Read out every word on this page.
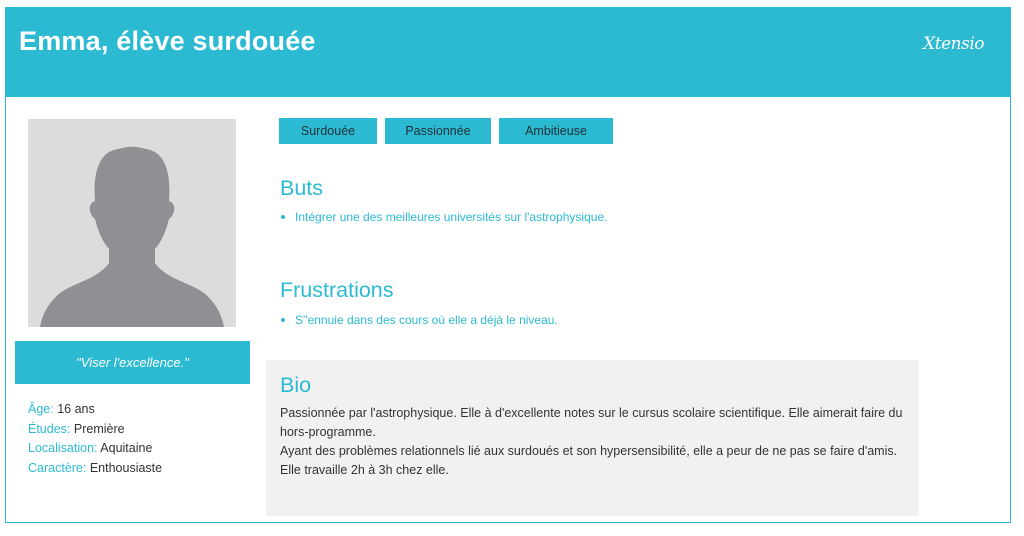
Emma, élève surdouée	Xtensio
"Viser l'excellence."
Âge: 16 ans
Études: Première
Localisation: Aquitaine
Caractère: Enthousiaste
Surdouée	Passionnée	Ambitieuse
Buts
Intégrer une des meilleures universités sur l'astrophysique.
Frustrations
S''ennuie dans des cours où elle a déjà le niveau.
Bio

Passionnée par l'astrophysique. Elle à d'excellente notes sur le cursus scolaire scientifique. Elle aimerait faire du hors-programme.

Ayant des problèmes relationnels lié aux surdoués et son hypersensibilité, elle a peur de ne pas se faire d'amis.

Elle travaille 2h à 3h chez elle.
